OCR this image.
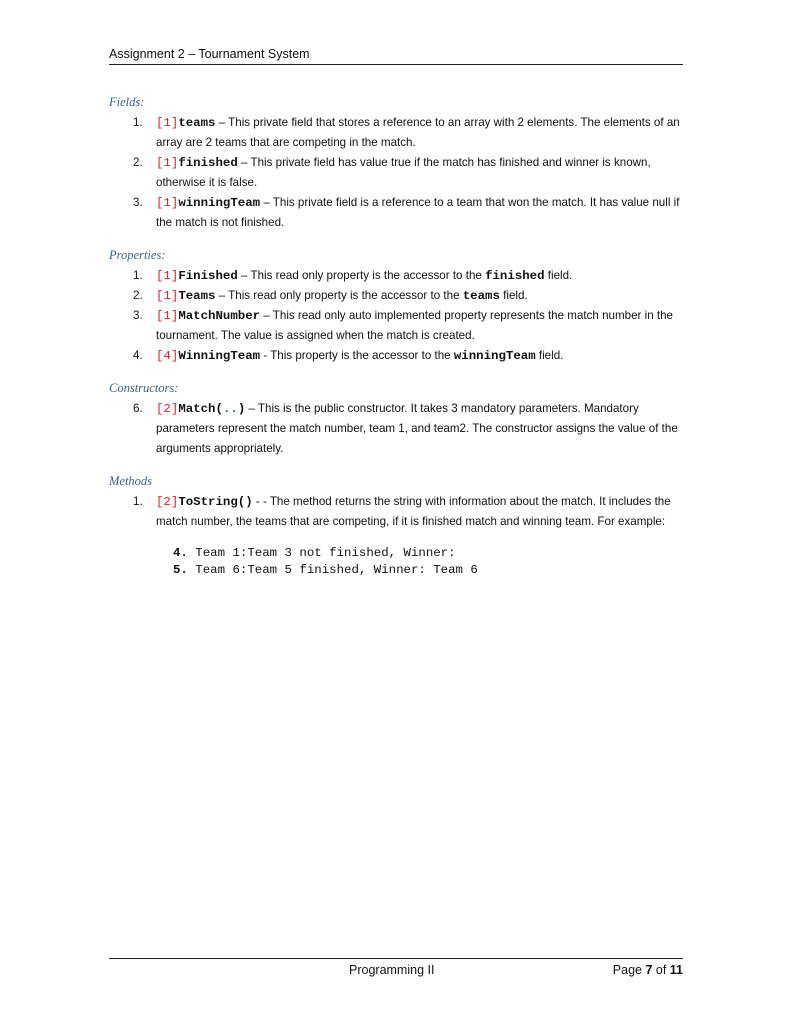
Assignment 2 – Tournament System
Fields:
1. [1]teams – This private field that stores a reference to an array with 2 elements. The elements of an array are 2 teams that are competing in the match.
2. [1]finished – This private field has value true if the match has finished and winner is known, otherwise it is false.
3. [1]winningTeam – This private field is a reference to a team that won the match. It has value null if the match is not finished.
Properties:
1. [1]Finished – This read only property is the accessor to the finished field.
2. [1]Teams – This read only property is the accessor to the teams field.
3. [1]MatchNumber – This read only auto implemented property represents the match number in the tournament. The value is assigned when the match is created.
4. [4]WinningTeam - This property is the accessor to the winningTeam field.
Constructors:
6. [2]Match(..) – This is the public constructor. It takes 3 mandatory parameters. Mandatory parameters represent the match number, team 1, and team2. The constructor assigns the value of the arguments appropriately.
Methods
1. [2]ToString() - - The method returns the string with information about the match. It includes the match number, the teams that are competing, if it is finished match and winning team. For example:
4. Team 1:Team 3 not finished, Winner:
5. Team 6:Team 5 finished, Winner: Team 6
Programming II	Page 7 of 11
